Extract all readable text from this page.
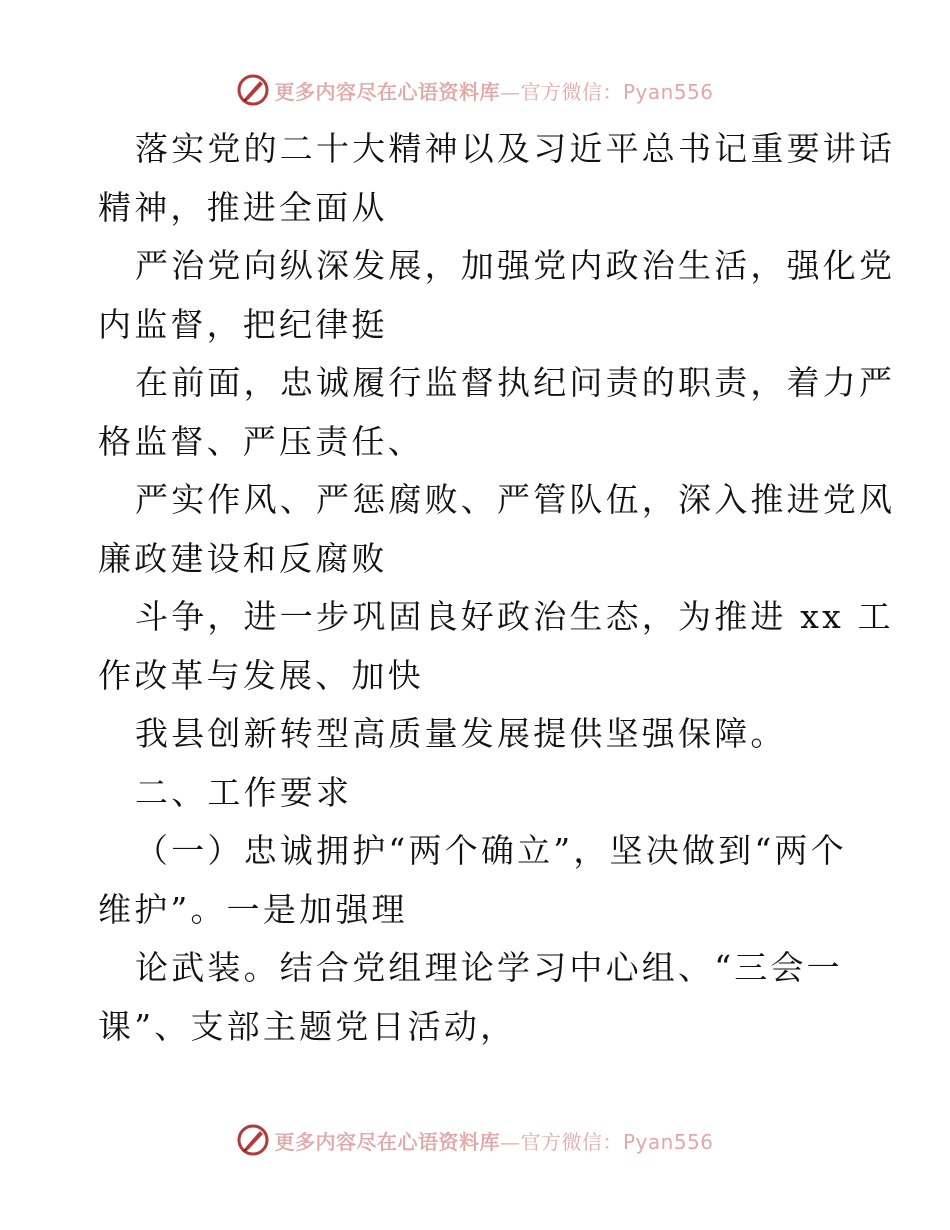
更多内容尽在心语资料库—官方微信：Pyan556
落实党的二十大精神以及习近平总书记重要讲话
精神，推进全面从
严治党向纵深发展，加强党内政治生活，强化党
内监督，把纪律挺
在前面，忠诚履行监督执纪问责的职责，着力严
格监督、严压责任、
严实作风、严惩腐败、严管队伍，深入推进党风
廉政建设和反腐败
斗争，进一步巩固良好政治生态，为推进 xx 工
作改革与发展、加快
我县创新转型高质量发展提供坚强保障。
二、工作要求
（一）忠诚拥护“两个确立”，坚决做到“两个
维护”。一是加强理
论武装。结合党组理论学习中心组、“三会一
课”、支部主题党日活动，
更多内容尽在心语资料库—官方微信：Pyan556
